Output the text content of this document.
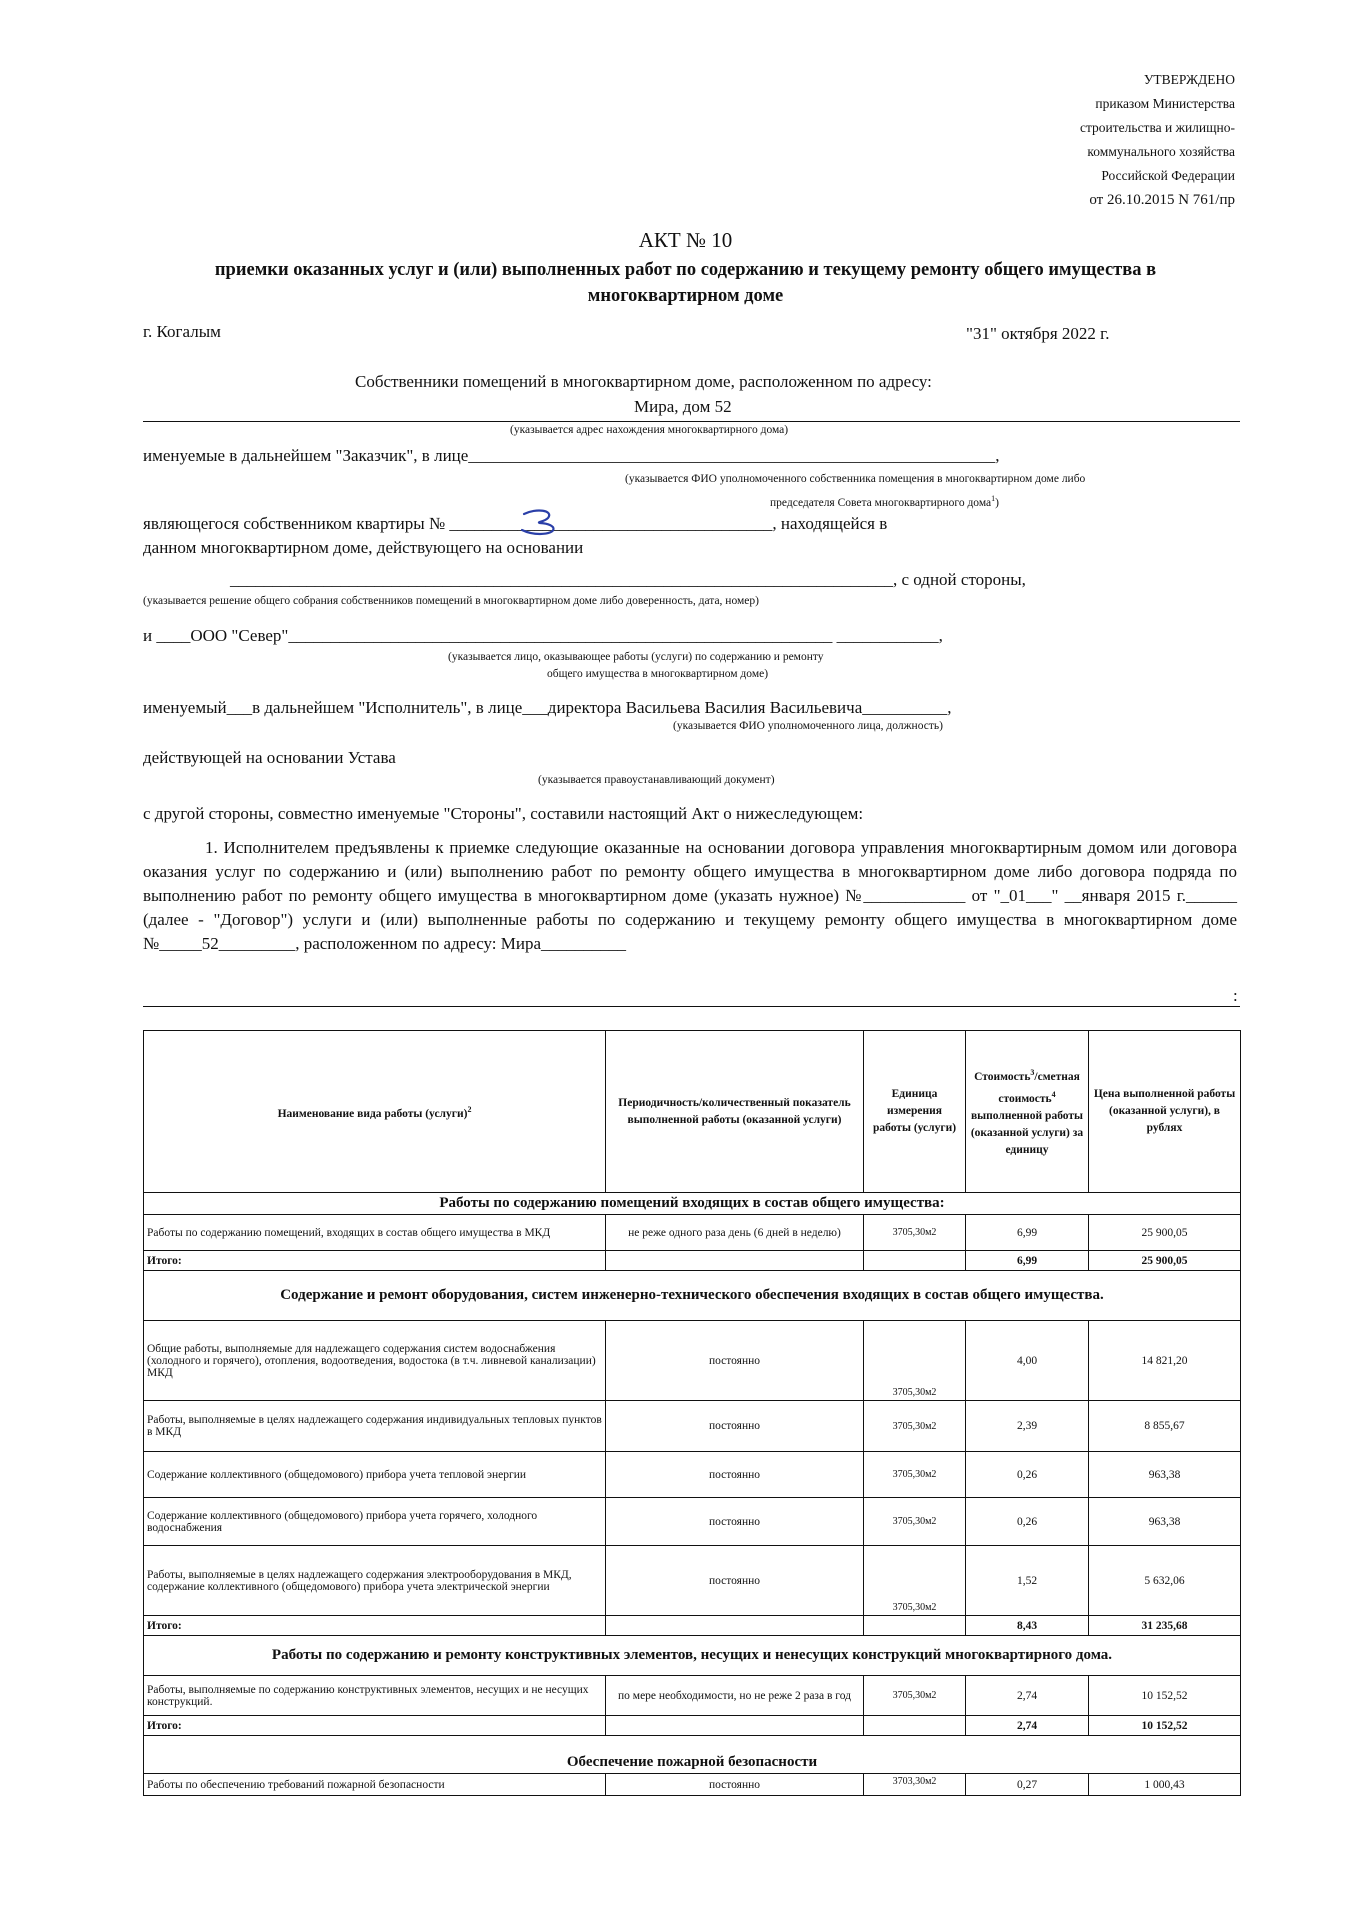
УТВЕРЖДЕНО
приказом Министерства
строительства и жилищно-
коммунального хозяйства
Российской Федерации
от 26.10.2015 N 761/пр
АКТ № 10
приемки оказанных услуг и (или) выполненных работ по содержанию и текущему ремонту общего имущества в многоквартирном доме
г. Когалым	"31" октября 2022 г.
Собственники помещений в многоквартирном доме, расположенном по адресу:
Мира, дом 52
(указывается адрес нахождения многоквартирного дома)
именуемые в дальнейшем "Заказчик", в лице______________________________________________________________,
(указывается ФИО уполномоченного собственника помещения в многоквартирном доме либо
председателя Совета многоквартирного дома$^1$)
являющегося собственником квартиры № ______________________________________, находящейся в
данном многоквартирном доме, действующего на основании
______________________________________________________________________________, с одной стороны,
(указывается решение общего собрания собственников помещений в многоквартирном доме либо доверенность, дата, номер)
и ____ООО "Север"________________________________________________________________ ____________,
(указывается лицо, оказывающее работы (услуги) по содержанию и ремонту
общего имущества в многоквартирном доме)
именуемый___в дальнейшем "Исполнитель", в лице___директора Васильева Василия Васильевича__________,
(указывается ФИО уполномоченного лица, должность)
действующей на основании Устава
(указывается правоустанавливающий документ)
с другой стороны, совместно именуемые "Стороны", составили настоящий Акт о нижеследующем:
1. Исполнителем предъявлены к приемке следующие оказанные на основании договора управления многоквартирным домом или договора оказания услуг по содержанию и (или) выполнению работ по ремонту общего имущества в многоквартирном доме либо договора подряда по выполнению работ по ремонту общего имущества в многоквартирном доме (указать нужное) №____________ от "_01___" __января 2015 г.______ (далее - "Договор") услуги и (или) выполненные работы по содержанию и текущему ремонту общего имущества в многоквартирном доме №_____52_________, расположенном по адресу: Мира__________
:
Наименование вида работы (услуги)$^2$	Периодичность/количественный показатель выполненной работы (оказанной услуги)	Единица измерения работы (услуги)	Стоимость$^3$/сметная стоимость$^4$ выполненной работы (оказанной услуги) за единицу	Цена выполненной работы (оказанной услуги), в рублях
Работы по содержанию помещений входящих в состав общего имущества:				
Работы по содержанию помещений, входящих в состав общего имущества в МКД	не реже одного раза день (6 дней в неделю)	3705,30м2	6,99	25 900,05
Итого:			6,99	25 900,05
Содержание и ремонт оборудования, систем инженерно-технического обеспечения входящих в состав общего имущества.				
Общие работы, выполняемые для надлежащего содержания систем водоснабжения (холодного и горячего), отопления, водоотведения, водостока (в т.ч. ливневой канализации) МКД	постоянно	3705,30м2	4,00	14 821,20
Работы, выполняемые в целях надлежащего содержания индивидуальных тепловых пунктов в МКД	постоянно	3705,30м2	2,39	8 855,67
Содержание коллективного (общедомового) прибора учета тепловой энергии	постоянно	3705,30м2	0,26	963,38
Содержание коллективного (общедомового) прибора учета горячего, холодного водоснабжения	постоянно	3705,30м2	0,26	963,38
Работы, выполняемые в целях надлежащего содержания электрооборудования в МКД, содержание коллективного (общедомового) прибора учета электрической энергии	постоянно	3705,30м2	1,52	5 632,06
Итого:			8,43	31 235,68
Работы по содержанию и ремонту конструктивных элементов, несущих и ненесущих конструкций многоквартирного дома.				
Работы, выполняемые по содержанию конструктивных элементов, несущих и не несущих конструкций.	по мере необходимости, но не реже 2 раза в год	3705,30м2	2,74	10 152,52
Итого:			2,74	10 152,52
Обеспечение пожарной безопасности				
Работы по обеспечению требований пожарной безопасности	постоянно	3703,30м2	0,27	1 000,43
